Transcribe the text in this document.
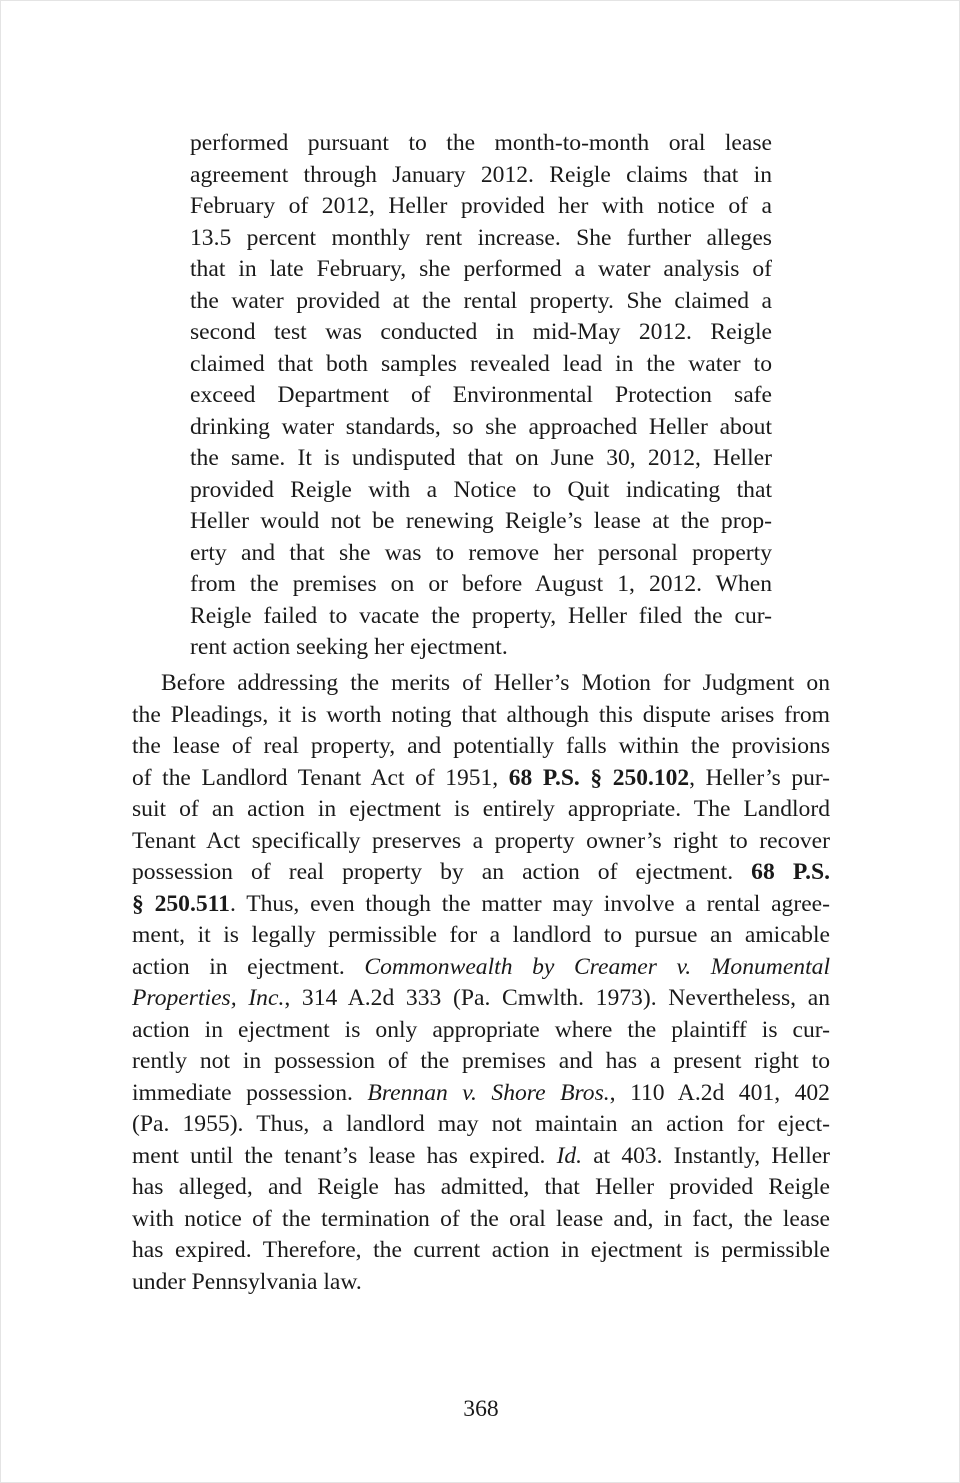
performed pursuant to the month-to-month oral lease
agreement through January 2012. Reigle claims that in
February of 2012, Heller provided her with notice of a
13.5 percent monthly rent increase. She further alleges
that in late February, she performed a water analysis of
the water provided at the rental property. She claimed a
second test was conducted in mid-May 2012. Reigle
claimed that both samples revealed lead in the water to
exceed Department of Environmental Protection safe
drinking water standards, so she approached Heller about
the same. It is undisputed that on June 30, 2012, Heller
provided Reigle with a Notice to Quit indicating that
Heller would not be renewing Reigle’s lease at the prop-
erty and that she was to remove her personal property
from the premises on or before August 1, 2012. When
Reigle failed to vacate the property, Heller filed the cur-
rent action seeking her ejectment.
Before addressing the merits of Heller’s Motion for Judgment on
the Pleadings, it is worth noting that although this dispute arises from
the lease of real property, and potentially falls within the provisions
of the Landlord Tenant Act of 1951, 68 P.S. § 250.102, Heller’s pur-
suit of an action in ejectment is entirely appropriate. The Landlord
Tenant Act specifically preserves a property owner’s right to recover
possession of real property by an action of ejectment. 68 P.S.
§ 250.511. Thus, even though the matter may involve a rental agree-
ment, it is legally permissible for a landlord to pursue an amicable
action in ejectment. Commonwealth by Creamer v. Monumental
Properties, Inc., 314 A.2d 333 (Pa. Cmwlth. 1973). Nevertheless, an
action in ejectment is only appropriate where the plaintiff is cur-
rently not in possession of the premises and has a present right to
immediate possession. Brennan v. Shore Bros., 110 A.2d 401, 402
(Pa. 1955). Thus, a landlord may not maintain an action for eject-
ment until the tenant’s lease has expired. Id. at 403. Instantly, Heller
has alleged, and Reigle has admitted, that Heller provided Reigle
with notice of the termination of the oral lease and, in fact, the lease
has expired. Therefore, the current action in ejectment is permissible
under Pennsylvania law.
368
